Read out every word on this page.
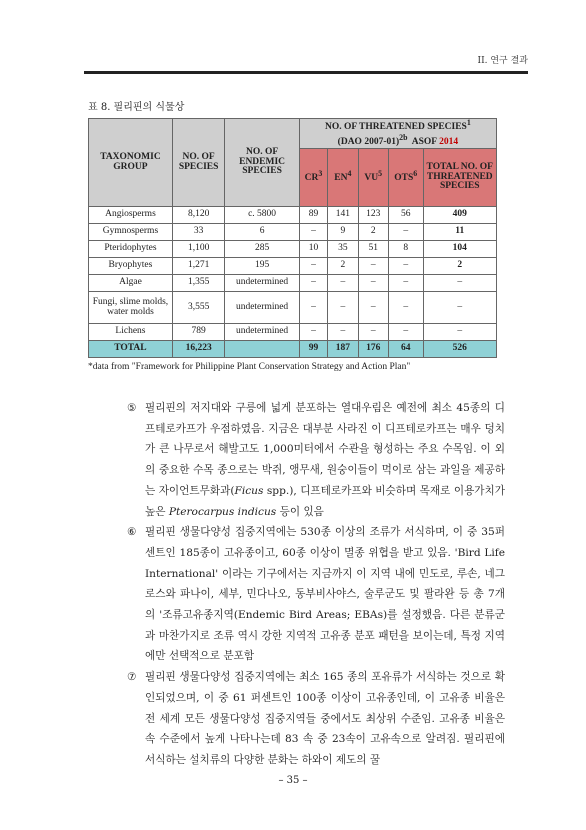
II. 연구 결과
표 8. 필리핀의 식물상
TAXONOMIC GROUP	NO. OF SPECIES	NO. OF ENDEMIC SPECIES	NO. OF THREATENED SPECIES$^1$
(DAO 2007-01)$^{2b}$ ASOF 2014				

			$CR^3$	$EN^4$	$VU^5$	OTS$^6$	TOTAL NO. OF THREATENED SPECIES
Angiosperms	8,120	c. 5800	89	141	123	56	409
Gymnosperms	33	6	–	9	2	–	11
Pteridophytes	1,100	285	10	35	51	8	104
Bryophytes	1,271	195	–	2	–	–	2
Algae	1,355	undetermined	–	–	–	–	–
Fungi, slime molds, water molds	3,555	undetermined	–	–	–	–	–
Lichens	789	undetermined	–	–	–	–	–
TOTAL	16,223		99	187	176	64	526
*data from "Framework for Philippine Plant Conservation Strategy and Action Plan"
⑤ 필리핀의 저지대와 구릉에 넓게 분포하는 열대우림은 예전에 최소 45종의 디프테로카프가 우점하였음. 지금은 대부분 사라진 이 디프테로카프는 매우 덩치가 큰 나무로서 해발고도 1,000미터에서 수관을 형성하는 주요 수목임. 이 외의 중요한 수목 종으로는 박쥐, 앵무새, 원숭이들이 먹이로 삼는 과일을 제공하는 자이언트무화과(Ficus spp.), 디프테로카프와 비슷하며 목재로 이용가치가 높은 Pterocarpus indicus 등이 있음
⑥ 필리핀 생물다양성 집중지역에는 530종 이상의 조류가 서식하며, 이 중 35퍼센트인 185종이 고유종이고, 60종 이상이 멸종 위협을 받고 있음. 'Bird Life International' 이라는 기구에서는 지금까지 이 지역 내에 민도로, 루손, 네그로스와 파나이, 세부, 민다나오, 동부비사야스, 술루군도 및 팔라완 등 총 7개의 '조류고유종지역(Endemic Bird Areas; EBAs)를 설정했음. 다른 분류군과 마찬가지로 조류 역시 강한 지역적 고유종 분포 패턴을 보이는데, 특정 지역에만 선택적으로 분포함
⑦ 필리핀 생물다양성 집중지역에는 최소 165 종의 포유류가 서식하는 것으로 확인되었으며, 이 중 61 퍼센트인 100종 이상이 고유종인데, 이 고유종 비율은 전 세계 모든 생물다양성 집중지역들 중에서도 최상위 수준임. 고유종 비율은 속 수준에서 높게 나타나는데 83 속 중 23속이 고유속으로 알려짐. 필리핀에 서식하는 설치류의 다양한 분화는 하와이 제도의 꿀
– 35 –
